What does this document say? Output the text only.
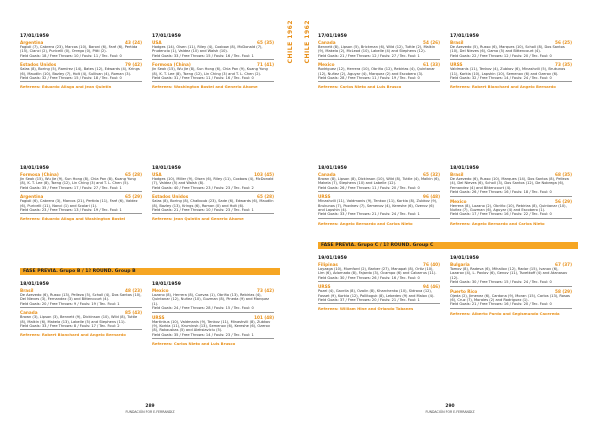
CHILE 1962
17/01/1959
Argentina	43 (24)
Fagioli (7), Cabrera (23), Marcos (10), Baroni (6), Faré (6), Pertida (15), Cianci (2), Puricelli (0), Orrego (0), Pitti (2).
Field Goals: 18 / Free Throws: 10 / Fouls: 11 / Tec. Foul: 0
Estados Unidos	79 (42)
Salas (8), Boring (5), Ramírez (14), Bates (12), Edwards (4), Krings (6), Maudlin (10), Bazley (7), Holt (4), Sullivan (4), Roman (3).
Field Goals: 32 / Free Throws: 15 / Fouls: 18 / Tec. Foul: 0
Referees: Eduardo Aliaga and Jean Quintin
17/01/1959
USA	65 (35)
Hodges (14), Olsen (11), Riley (4), Coxbow (8), McDonald (7), Prudencio (1), Valdez (10) and Walsh (10).
Field Goals: 33 / Free Throws: 15 / Fouls: 16 / Tec. Foul: 1
Formosa (China)	71 (41)
Jin Seok (15), Wu Jie (8), Sun Hong (6), Chia Pan (9), Kuang Yung (8), K. T. Lee (8), Tseng (12), Lin Ching (3) and T. L. Chen (2).
Field Goals: 31 / Free Throws: 11 / Fouls: 16 / Tec. Foul: 0
Referees: Washington Bostel and Generio Ahome
18/01/1959
Formosa (China)	65 (28)
Jin Seok (15), Wu Jie (9), Sun Hong (8), Chia Pan (8), Kuang Yung (8), K. T. Lee (8), Tseng (12), Lin Ching (3) and T. L. Chen (5).
Field Goals: 35 / Free Throws: 17 / Fouls: 27 / Tec. Foul: 1
Argentina	65 (29)
Fagioli (6), Cabrera (3), Marcos (21), Pertida (11), Faré (6), Valdez (6), Puricelli (11), Nanci (1) and Scolari (1).
Field Goals: 23 / Free Throws: 13 / Fouls: 19 / Tec. Foul: 1
Referees: Eduardo Aliaga and Washington Bostel
18/01/1959
USA	103 (45)
Hodges (10), Miller (9), Olsen (6), Riley (11), Coxbow (4), McDonald (7), Valdez (5) and Walsh (8).
Field Goals: 40 / Free Throws: 23 / Fouls: 23 / Tec. Foul: 2
Estados Unidos	65 (28)
Salas (8), Boring (8), Chalboub (23), Sade (6), Edwards (6), Maudlin (8), Bazley (13), Krings (6), Roman (0) and Holt (6).
Field Goals: 21 / Free Throws: 10 / Fouls: 23 / Tec. Foul: 1
Referees: Jean Quintin and Generio Ahome
FASE PREVIA. Grupo B / 1ª ROUND. Group B
18/01/1959
Brasil	48 (23)
De Azevedo (6), Russo (13), Pelleza (5), Scholl (4), Dos Santos (10), Del Nieves (3), Fernandez (3) and Bittencourt (4).
Field Goals: 20 / Free Throws: 9 / Fouls: 19 / Tec. Foul: 1
Canada	85 (43)
Brown (3), Lipson (3), Bennett (9), Dickinson (10), Wild (8), Tuttle (8), Malkin (6), Makela (13), Labelle (5) and Stephens (11).
Field Goals: 33 / Free Throws: 8 / Fouls: 17 / Tec. Foul: 2
Referees: Robert Blanchard and Angelo Bernardo
18/01/1959
Mexico	73 (42)
Lozano (8), Herrera (8), Cuevas (1), Obriño (13), Rebirias (4), Quintanar (12), Nuñez (10), Guzman (8), Pineda (9) and Marquez (1).
Field Goals: 24 / Free Throws: 28 / Fouls: 15 / Tec. Foul: 0
URSS	101 (48)
Martinkus (10), Valdmanis (9), Tenkov (11), Minashvili (8), Zubkov (9), Korkia (11), Kruminsh (13), Semenov (6), Kereshe (6), Ozerov (8), Rakauskas (5) and Aleksiaviciu (5).
Field Goals: 35 / Free Throws: 14 / Fouls: 23 / Tec. Foul: 1
Referees: Carlos Nieto and Luis Brusco
289
FUNDACIÓN FOR E.FERRANDIZ
CHILE 1962 17/01/1959
Canada	54 (26)
Bennett (8), Lipson (5), Brickman (6), Wild (12), Tuttle (2), Malkin (9), Makela (2), McLeod (10), Labelle (4) and Stephens (12).
Field Goals: 21 / Free Throws: 12 / Fouls: 27 / Tec. Foul: 1
Mexico	61 (33)
Rodriguez (12), Herrera (10), Obriño (12), Rebirias (4), Quintanar (12), Nuñez (2), Aguyar (4), Marquez (2) and Escobero (3).
Field Goals: 28 / Free Throws: 11 / Fouls: 19 / Tec. Foul: 0
Referees: Carlos Nieto and Luis Brusco
17/01/1959
Brasil	56 (25)
De Azevedo (5), Russo (6), Marques (10), Scholl (8), Dos Santos (10), Del Nieves (6), Gama (5) and Bittencourt (4).
Field Goals: 22 / Free Throws: 12 / Fouls: 20 / Tec. Foul: 0
URSS	73 (35)
Valdmanis (11), Tenkov (4), Zubkov (6), Minashvili (5), Brukunos (11), Korkia (10), Lapshin (10), Semenov (6) and Ozerov (6).
Field Goals: 32 / Free Throws: 14 / Fouls: 24 / Tec. Foul: 0
Referees: Robert Blanchard and Angelo Bernardo
18/01/1959
Canada	65 (32)
Brown (8), Lipson (8), Dickinson (10), Wild (8), Tuttle (4), Malkin (6), Makela (7), Stephens (10) and Labelle (12).
Field Goals: 26 / Free Throws: 11 / Fouls: 20 / Tec. Foul: 0
URSS	96 (48)
Minashvili (11), Valdmanis (9), Tenkov (11), Korkia (8), Zubkov (9), Brukunos (7), Pozdnev (7), Semenov (4), Kereshe (6), Ozerov (6) and Lapshin (4).
Field Goals: 33 / Free Throws: 21 / Fouls: 24 / Tec. Foul: 1
Referees: Angelo Bernardo and Carlos Nieto
18/01/1959
Brasil	68 (35)
De Azevedo (6), Russo (10), Marques (14), Dos Santos (8), Pelleza (4), Del Nieves (6), Scholl (3), Dos Santos (12), De Nobrega (6), Fernandez (4) and Bittencourt (4).
Field Goals: 26 / Free Throws: 16 / Fouls: 18 / Tec. Foul: 0
Mexico	56 (29)
Herrera (8), Lozano (2), Obriño (10), Rebirias (8), Quintanar (10), Nuñez (7), Guzman (6), Aguyar (4) and Escobero (1).
Field Goals: 17 / Free Throws: 16 / Fouls: 22 / Tec. Foul: 0
Referees: Angelo Bernardo and Carlos Nieto
FASE PREVIA. Grupo C / 1ª ROUND. Group C
19/01/1959
Filipinas	76 (40)
Loyzaga (10), Mumford (2), Barber (27), Manapat (8), Ortiz (10), Lim (6), Adornado (8), Fajardo (3), Ocampo (6) and Cabarrus (11).
Field Goals: 30 / Free Throws: 26 / Fouls: 16 / Tec. Foul: 0
URSS	94 (46)
Pozel (4), Gavrila (8), Ozolin (8), Kharchenko (10), Sidrova (12), Fosset (9), Korkia (12), Pollitoguk (8), Lebedev (9) and Malov (4).
Field Goals: 37 / Free Throws: 20 / Fouls: 21 / Tec. Foul: 1
Referees: William Hine and Orlando Tabanes
19/01/1959
Bulgaria	67 (37)
Tomov (8), Radeva (6), Mihailov (12), Rador (15), Ivanov (6), Lazarov (4), L. Pavlov (6), Genov (11), Tsvetkoff (4) and Atanasov (12).
Field Goals: 30 / Free Throws: 15 / Fouls: 24 / Tec. Foul: 0
Puerto Rico	58 (29)
Ojeda (2), Jimenez (6), Cardona (9), Moran (15), Carlos (13), Rosas (6), Cruz (7), Morales (2) and Rodriguez (1).
Field Goals: 21 / Free Throws: 16 / Fouls: 20 / Tec. Foul: 0
Referees: Alberto Pardo and Segismundo Cacereda
290
FUNDACIÓN FOR E.FERRANDIZ
